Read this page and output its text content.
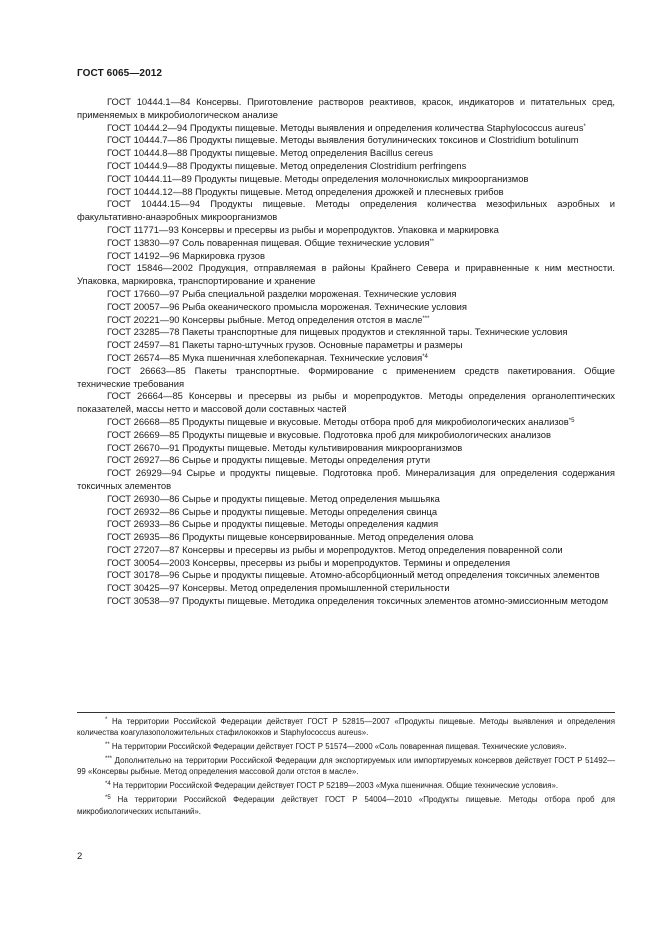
ГОСТ 6065—2012

ГОСТ 10444.1—84 Консервы. Приготовление растворов реактивов, красок, индикаторов и питательных сред, применяемых в микробиологическом анализе

ГОСТ 10444.2—94 Продукты пищевые. Методы выявления и определения количества Staphylococcus aureus*

ГОСТ 10444.7—86 Продукты пищевые. Методы выявления ботулинических токсинов и Clostridium botulinum

ГОСТ 10444.8—88 Продукты пищевые. Метод определения Bacillus cereus

ГОСТ 10444.9—88 Продукты пищевые. Метод определения Clostridium perfringens

ГОСТ 10444.11—89 Продукты пищевые. Методы определения молочнокислых микроорганизмов

ГОСТ 10444.12—88 Продукты пищевые. Метод определения дрожжей и плесневых грибов

ГОСТ 10444.15—94 Продукты пищевые. Методы определения количества мезофильных аэробных и факультативно-анаэробных микроорганизмов

ГОСТ 11771—93 Консервы и пресервы из рыбы и морепродуктов. Упаковка и маркировка

ГОСТ 13830—97 Соль поваренная пищевая. Общие технические условия**

ГОСТ 14192—96 Маркировка грузов

ГОСТ 15846—2002 Продукция, отправляемая в районы Крайнего Севера и приравненные к ним местности. Упаковка, маркировка, транспортирование и хранение

ГОСТ 17660—97 Рыба специальной разделки мороженая. Технические условия

ГОСТ 20057—96 Рыба океанического промысла мороженая. Технические условия

ГОСТ 20221—90 Консервы рыбные. Метод определения отстоя в масле***

ГОСТ 23285—78 Пакеты транспортные для пищевых продуктов и стеклянной тары. Технические условия

ГОСТ 24597—81 Пакеты тарно-штучных грузов. Основные параметры и размеры

ГОСТ 26574—85 Мука пшеничная хлебопекарная. Технические условия$^{*4}$

ГОСТ 26663—85 Пакеты транспортные. Формирование с применением средств пакетирования. Общие технические требования

ГОСТ 26664—85 Консервы и пресервы из рыбы и морепродуктов. Методы определения органолептических показателей, массы нетто и массовой доли составных частей

ГОСТ 26668—85 Продукты пищевые и вкусовые. Методы отбора проб для микробиологических анализов$^{*5}$

ГОСТ 26669—85 Продукты пищевые и вкусовые. Подготовка проб для микробиологических анализов

ГОСТ 26670—91 Продукты пищевые. Методы культивирования микроорганизмов

ГОСТ 26927—86 Сырье и продукты пищевые. Методы определения ртути

ГОСТ 26929—94 Сырье и продукты пищевые. Подготовка проб. Минерализация для определения содержания токсичных элементов

ГОСТ 26930—86 Сырье и продукты пищевые. Метод определения мышьяка

ГОСТ 26932—86 Сырье и продукты пищевые. Методы определения свинца

ГОСТ 26933—86 Сырье и продукты пищевые. Методы определения кадмия

ГОСТ 26935—86 Продукты пищевые консервированные. Метод определения олова

ГОСТ 27207—87 Консервы и пресервы из рыбы и морепродуктов. Метод определения поваренной соли

ГОСТ 30054—2003 Консервы, пресервы из рыбы и морепродуктов. Термины и определения

ГОСТ 30178—96 Сырье и продукты пищевые. Атомно-абсорбционный метод определения токсичных элементов

ГОСТ 30425—97 Консервы. Метод определения промышленной стерильности

ГОСТ 30538—97 Продукты пищевые. Методика определения токсичных элементов атомно-эмиссионным методом

* На территории Российской Федерации действует ГОСТ Р 52815—2007 «Продукты пищевые. Методы выявления и определения количества коагулазоположительных стафилококков и Staphylococcus aureus».

** На территории Российской Федерации действует ГОСТ Р 51574—2000 «Соль поваренная пищевая. Технические условия».

*** Дополнительно на территории Российской Федерации для экспортируемых или импортируемых консервов действует ГОСТ Р 51492—99 «Консервы рыбные. Метод определения массовой доли отстоя в масле».

$^{*4}$ На территории Российской Федерации действует ГОСТ Р 52189—2003 «Мука пшеничная. Общие технические условия».

$^{*5}$ На территории Российской Федерации действует ГОСТ Р 54004—2010 «Продукты пищевые. Методы отбора проб для микробиологических испытаний».

2
